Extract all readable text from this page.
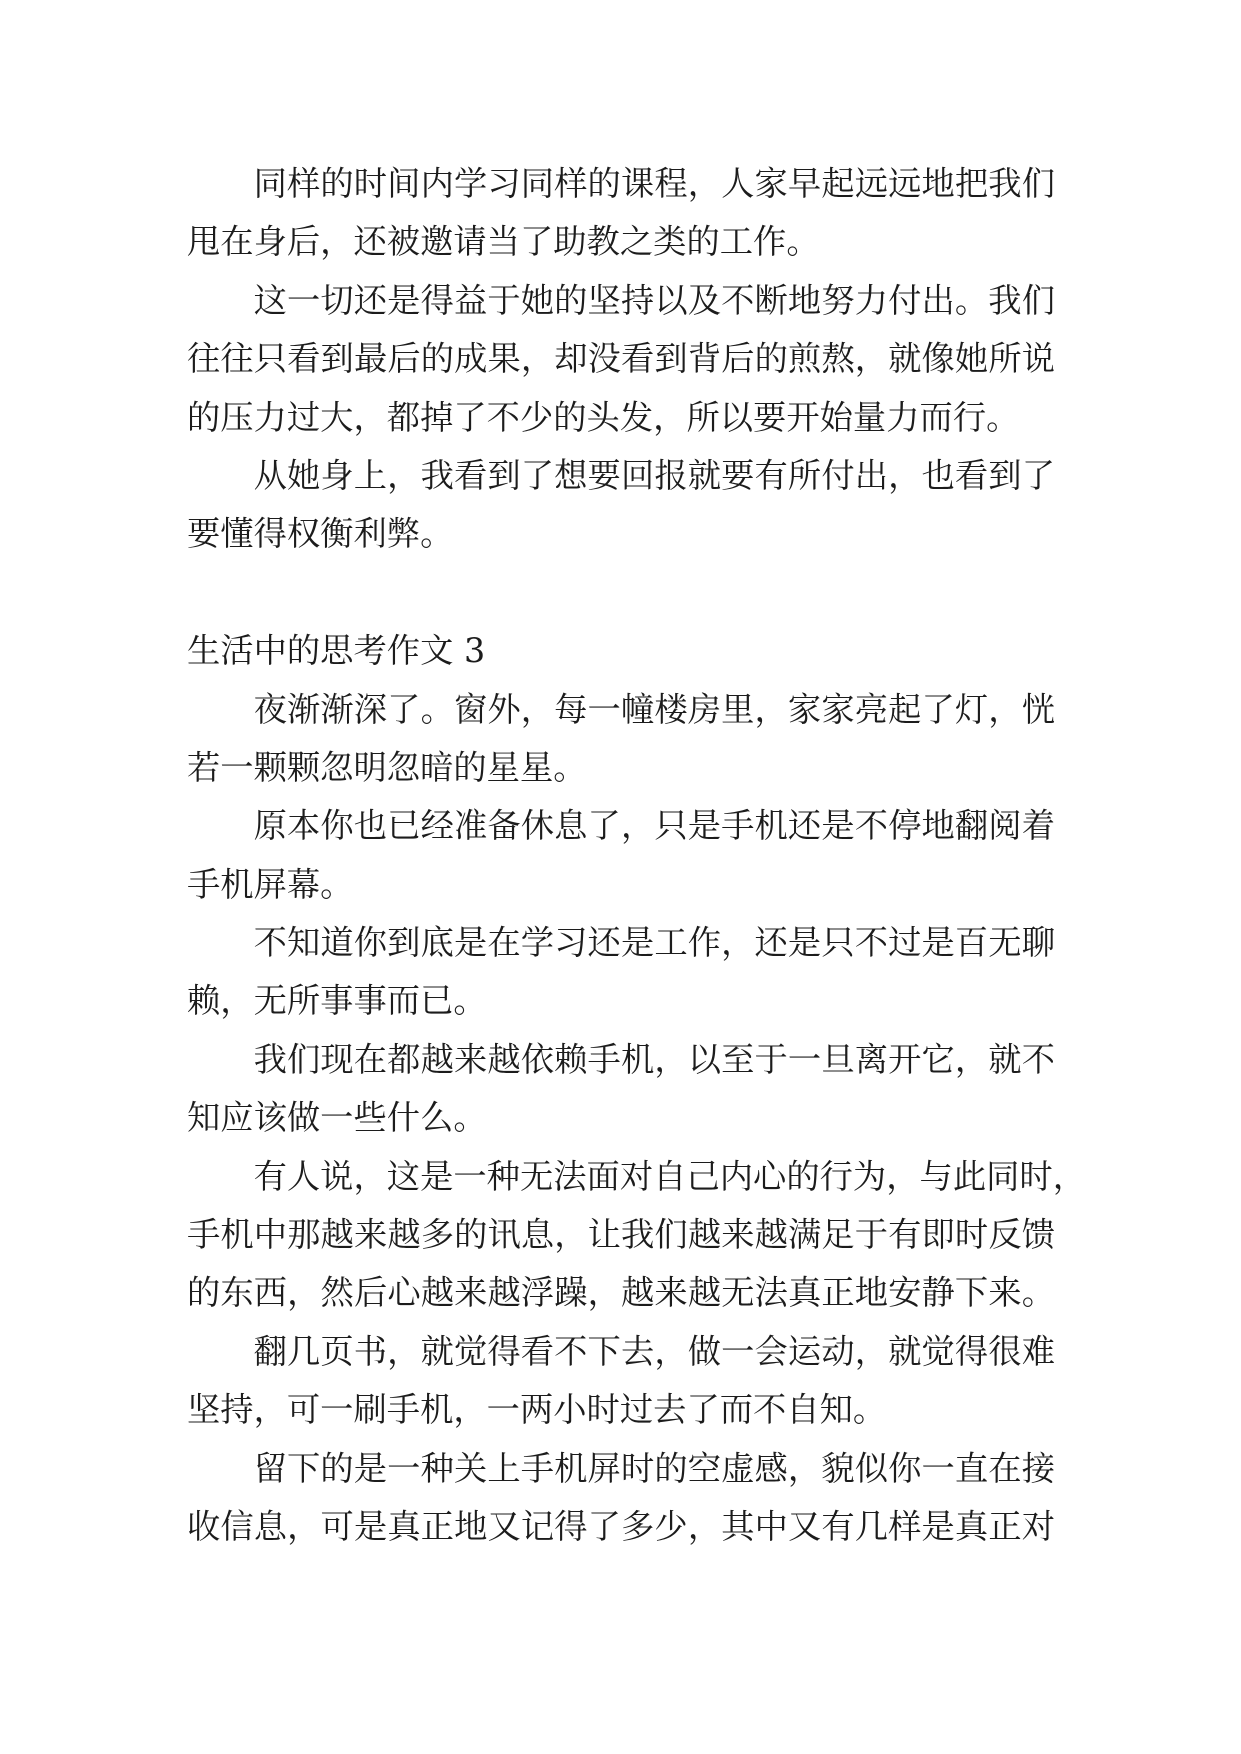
同样的时间内学习同样的课程，人家早起远远地把我们
甩在身后，还被邀请当了助教之类的工作。
这一切还是得益于她的坚持以及不断地努力付出。我们
往往只看到最后的成果，却没看到背后的煎熬，就像她所说
的压力过大，都掉了不少的头发，所以要开始量力而行。
从她身上，我看到了想要回报就要有所付出，也看到了
要懂得权衡利弊。
生活中的思考作文 3
夜渐渐深了。窗外，每一幢楼房里，家家亮起了灯，恍
若一颗颗忽明忽暗的星星。
原本你也已经准备休息了，只是手机还是不停地翻阅着
手机屏幕。
不知道你到底是在学习还是工作，还是只不过是百无聊
赖，无所事事而已。
我们现在都越来越依赖手机，以至于一旦离开它，就不
知应该做一些什么。
有人说，这是一种无法面对自己内心的行为，与此同时，
手机中那越来越多的讯息，让我们越来越满足于有即时反馈
的东西，然后心越来越浮躁，越来越无法真正地安静下来。
翻几页书，就觉得看不下去，做一会运动，就觉得很难
坚持，可一刷手机，一两小时过去了而不自知。
留下的是一种关上手机屏时的空虚感，貌似你一直在接
收信息，可是真正地又记得了多少，其中又有几样是真正对
